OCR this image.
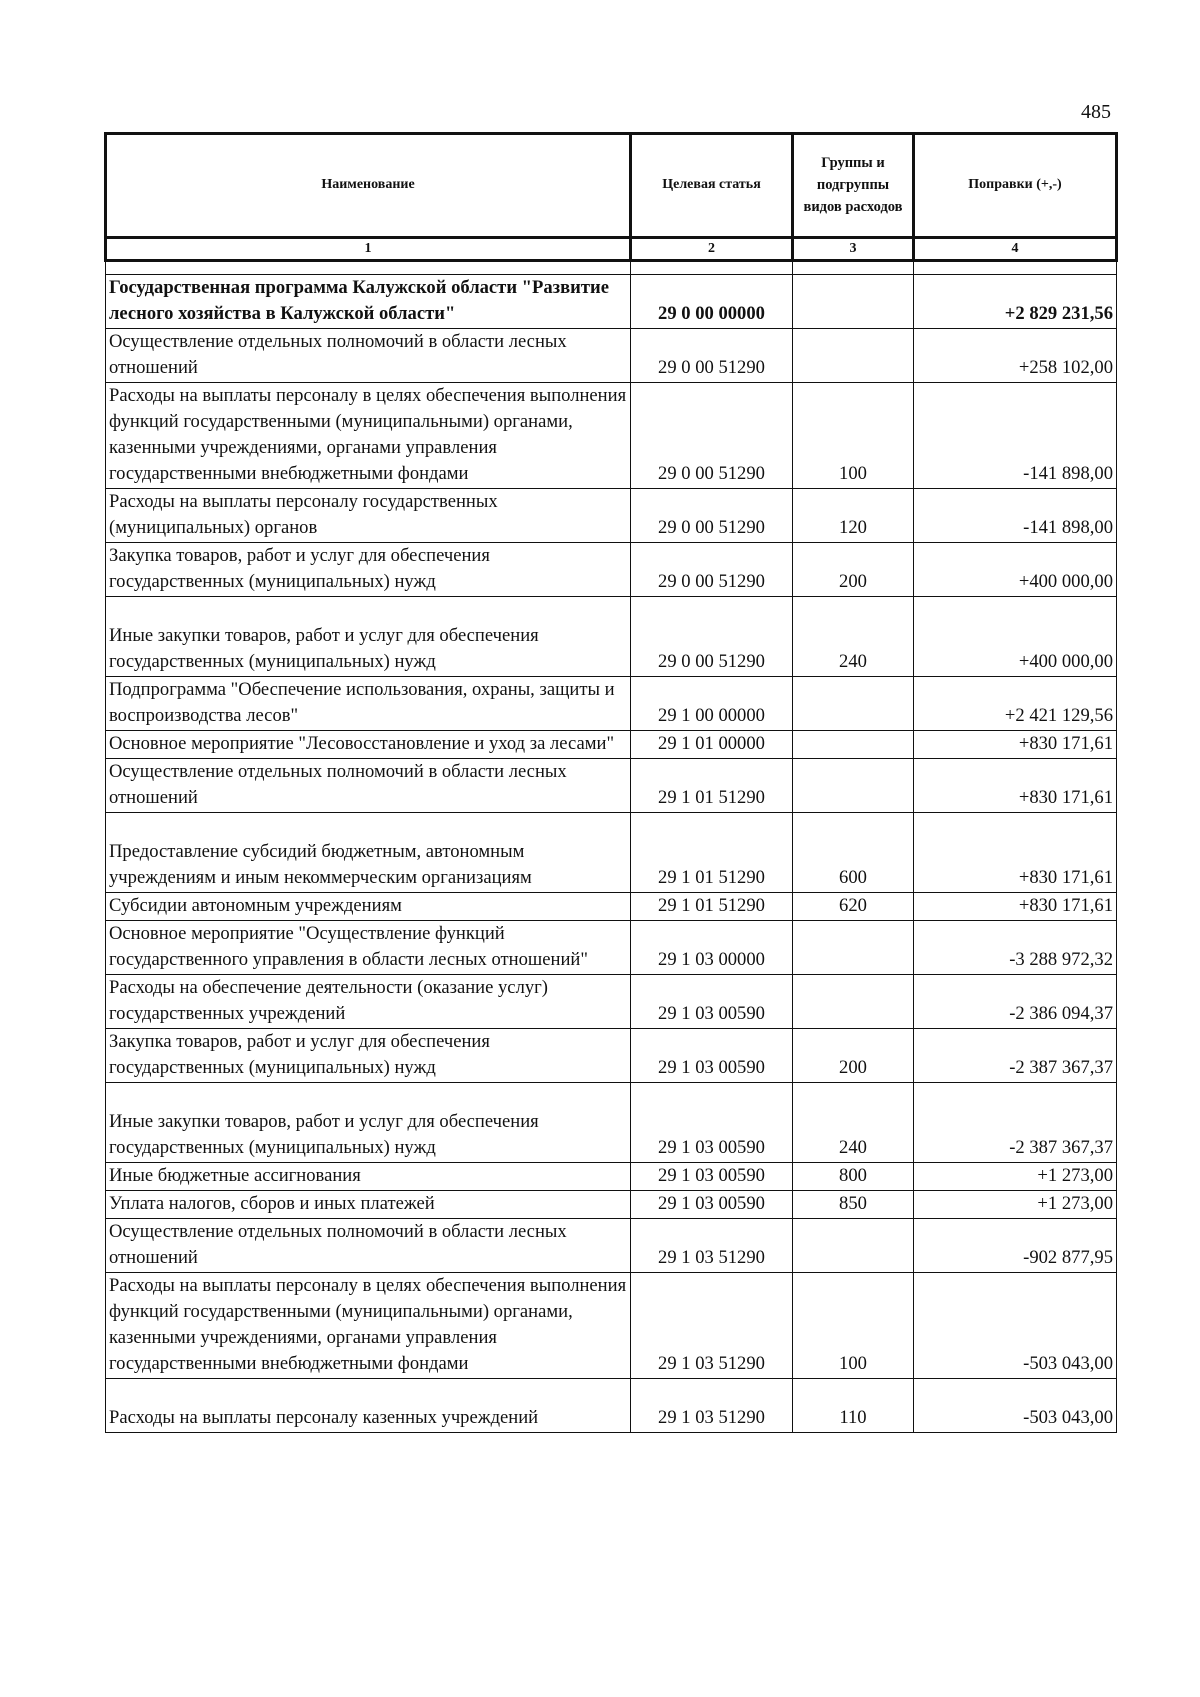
485
Наименование	Целевая статья	Группы и подгруппы видов расходов	Поправки (+,-)
1	2	3	4

Государственная программа Калужской области "Развитие лесного хозяйства в Калужской области"	29 0 00 00000		+2 829 231,56
Осуществление отдельных полномочий в области лесных отношений	29 0 00 51290		+258 102,00
Расходы на выплаты персоналу в целях обеспечения выполнения функций государственными (муниципальными) органами, казенными учреждениями, органами управления государственными внебюджетными фондами	29 0 00 51290	100	-141 898,00
Расходы на выплаты персоналу государственных (муниципальных) органов	29 0 00 51290	120	-141 898,00
Закупка товаров, работ и услуг для обеспечения государственных (муниципальных) нужд	29 0 00 51290	200	+400 000,00
Иные закупки товаров, работ и услуг для обеспечения государственных (муниципальных) нужд	29 0 00 51290	240	+400 000,00
Подпрограмма "Обеспечение использования, охраны, защиты и воспроизводства лесов"	29 1 00 00000		+2 421 129,56
Основное мероприятие "Лесовосстановление и уход за лесами"	29 1 01 00000		+830 171,61
Осуществление отдельных полномочий в области лесных отношений	29 1 01 51290		+830 171,61
Предоставление субсидий бюджетным, автономным учреждениям и иным некоммерческим организациям	29 1 01 51290	600	+830 171,61
Субсидии автономным учреждениям	29 1 01 51290	620	+830 171,61
Основное мероприятие "Осуществление функций государственного управления в области лесных отношений"	29 1 03 00000		-3 288 972,32
Расходы на обеспечение деятельности (оказание услуг) государственных учреждений	29 1 03 00590		-2 386 094,37
Закупка товаров, работ и услуг для обеспечения государственных (муниципальных) нужд	29 1 03 00590	200	-2 387 367,37
Иные закупки товаров, работ и услуг для обеспечения государственных (муниципальных) нужд	29 1 03 00590	240	-2 387 367,37
Иные бюджетные ассигнования	29 1 03 00590	800	+1 273,00
Уплата налогов, сборов и иных платежей	29 1 03 00590	850	+1 273,00
Осуществление отдельных полномочий в области лесных отношений	29 1 03 51290		-902 877,95
Расходы на выплаты персоналу в целях обеспечения выполнения функций государственными (муниципальными) органами, казенными учреждениями, органами управления государственными внебюджетными фондами	29 1 03 51290	100	-503 043,00
Расходы на выплаты персоналу казенных учреждений	29 1 03 51290	110	-503 043,00
